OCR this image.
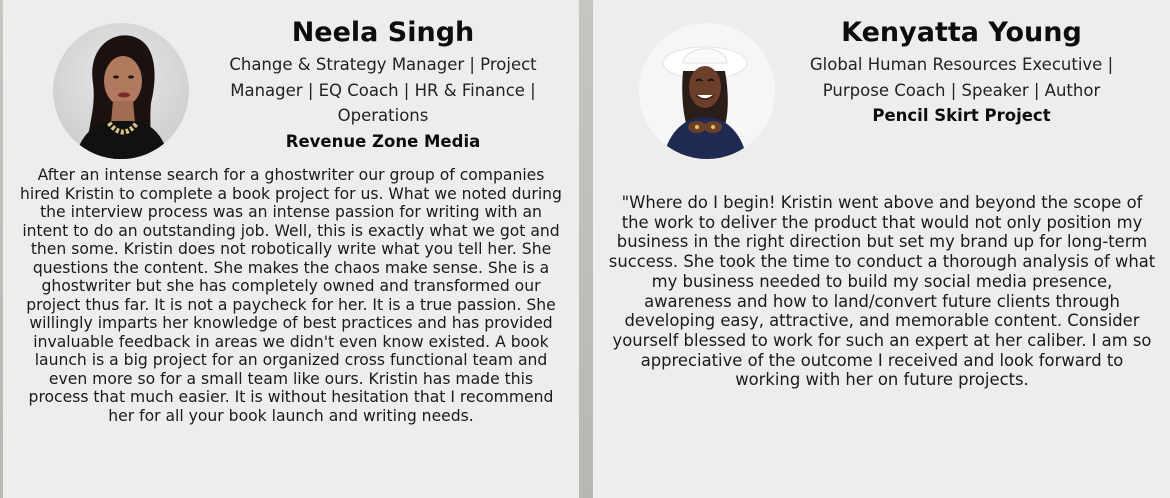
Neela Singh

Change & Strategy Manager | Project Manager | EQ Coach | HR & Finance | Operations

Revenue Zone Media

After an intense search for a ghostwriter our group of companies hired Kristin to complete a book project for us. What we noted during the interview process was an intense passion for writing with an intent to do an outstanding job. Well, this is exactly what we got and then some. Kristin does not robotically write what you tell her. She questions the content. She makes the chaos make sense. She is a ghostwriter but she has completely owned and transformed our project thus far. It is not a paycheck for her. It is a true passion. She willingly imparts her knowledge of best practices and has provided invaluable feedback in areas we didn't even know existed. A book launch is a big project for an organized cross functional team and even more so for a small team like ours. Kristin has made this process that much easier. It is without hesitation that I recommend her for all your book launch and writing needs.

Kenyatta Young

Global Human Resources Executive | Purpose Coach | Speaker | Author

Pencil Skirt Project

"Where do I begin! Kristin went above and beyond the scope of the work to deliver the product that would not only position my business in the right direction but set my brand up for long-term success. She took the time to conduct a thorough analysis of what my business needed to build my social media presence, awareness and how to land/convert future clients through developing easy, attractive, and memorable content. Consider yourself blessed to work for such an expert at her caliber. I am so appreciative of the outcome I received and look forward to working with her on future projects.
